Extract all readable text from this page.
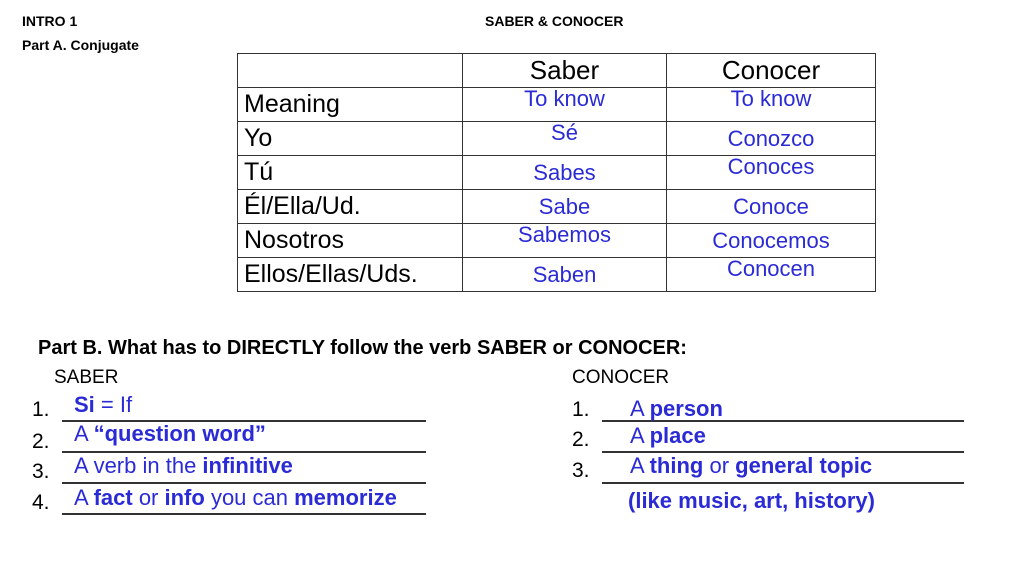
INTRO 1
Part A. Conjugate
SABER & CONOCER
	Saber	Conocer
Meaning	To know	To know
Yo	Sé	Conozco
Tú	Sabes	Conoces
Él/Ella/Ud.	Sabe	Conoce
Nosotros	Sabemos	Conocemos
Ellos/Ellas/Uds.	Saben	Conocen
Part B. What has to DIRECTLY follow the verb SABER or CONOCER:
SABER
1.
2.
3.
4.
Si = If
A “question word”
A verb in the infinitive
A fact or info you can memorize
CONOCER
1.
2.
3.
A person
A place
A thing or general topic
(like music, art, history)
